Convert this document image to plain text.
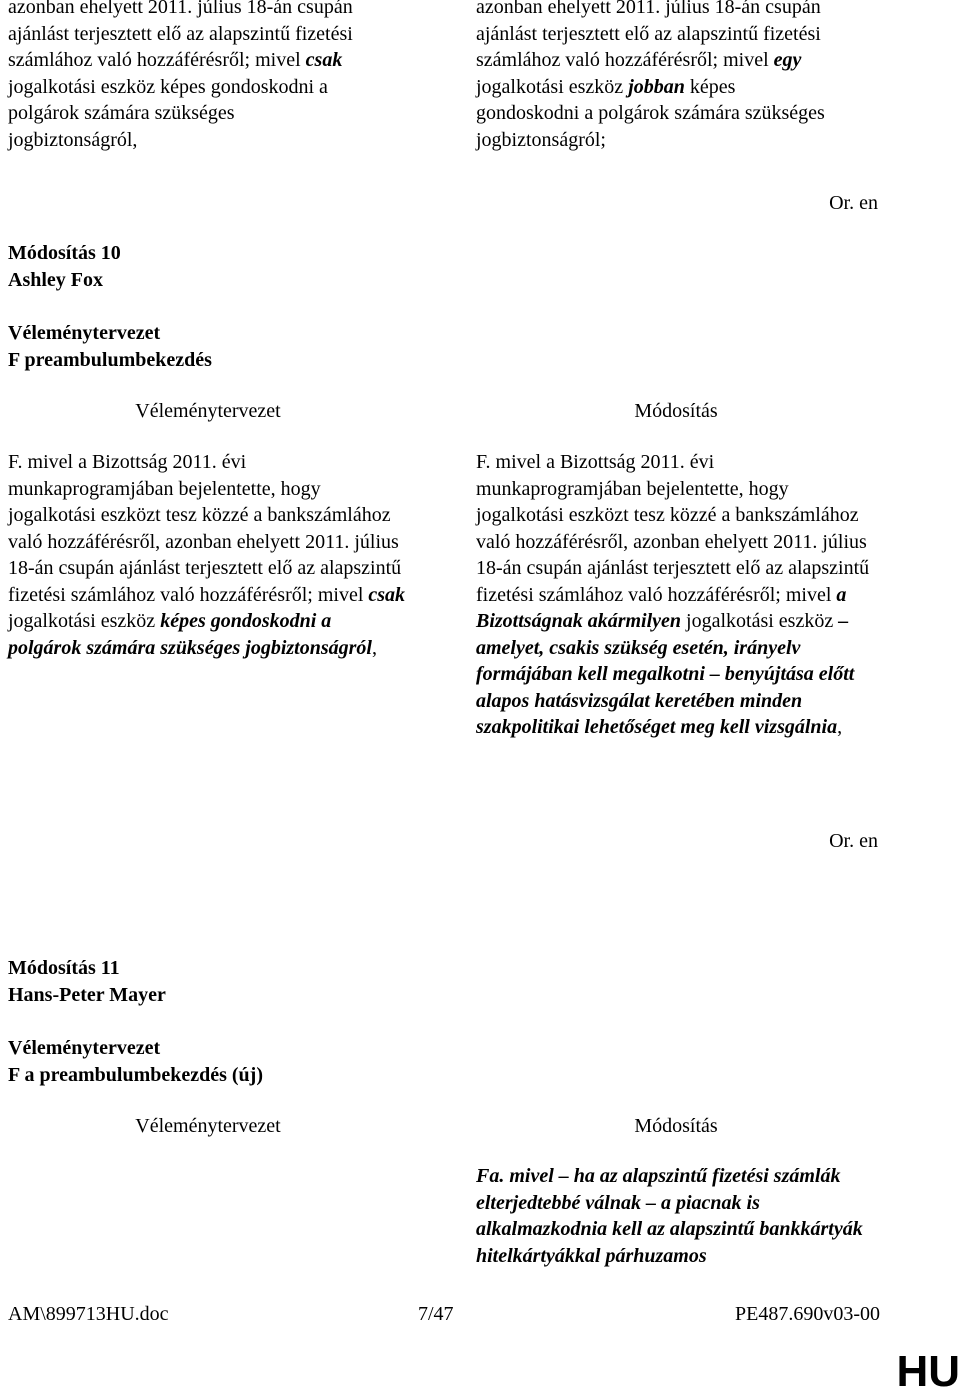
azonban ehelyett 2011. július 18-án csupán
ajánlást terjesztett elő az alapszintű fizetési
számlához való hozzáférésről; mivel csak
jogalkotási eszköz képes gondoskodni a
polgárok számára szükséges
jogbiztonságról,

azonban ehelyett 2011. július 18-án csupán
ajánlást terjesztett elő az alapszintű fizetési
számlához való hozzáférésről; mivel egy
jogalkotási eszköz jobban képes
gondoskodni a polgárok számára szükséges
jogbiztonságról;

Or. en
Módosítás 10
Ashley Fox
Véleménytervezet
F preambulumbekezdés
Véleménytervezet	Módosítás

F. mivel a Bizottság 2011. évi munkaprogramjában bejelentette, hogy jogalkotási eszközt tesz közzé a bankszámlához való hozzáférésről, azonban ehelyett 2011. július 18-án csupán ajánlást terjesztett elő az alapszintű fizetési számlához való hozzáférésről; mivel csak jogalkotási eszköz képes gondoskodni a polgárok számára szükséges jogbiztonságról,

F. mivel a Bizottság 2011. évi munkaprogramjában bejelentette, hogy jogalkotási eszközt tesz közzé a bankszámlához való hozzáférésről, azonban ehelyett 2011. július 18-án csupán ajánlást terjesztett elő az alapszintű fizetési számlához való hozzáférésről; mivel a Bizottságnak akármilyen jogalkotási eszköz – amelyet, csakis szükség esetén, irányelv formájában kell megalkotni – benyújtása előtt alapos hatásvizsgálat keretében minden szakpolitikai lehetőséget meg kell vizsgálnia,

Or. en
Módosítás 11
Hans-Peter Mayer
Véleménytervezet
F a preambulumbekezdés (új)
Véleménytervezet	Módosítás

Fa. mivel – ha az alapszintű fizetési számlák elterjedtebbé válnak – a piacnak is alkalmazkodnia kell az alapszintű bankkártyák hitelkártyákkal párhuzamos

AM\899713HU.doc	7/47	PE487.690v03-00
HU
